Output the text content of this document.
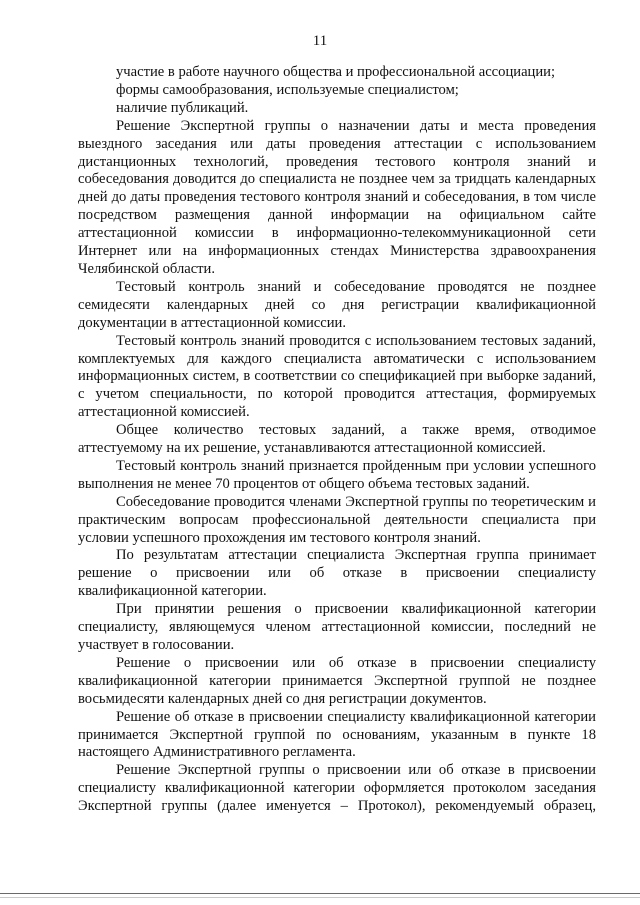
11

участие в работе научного общества и профессиональной ассоциации;

формы самообразования, используемые специалистом;

наличие публикаций.

Решение Экспертной группы о назначении даты и места проведения выездного заседания или даты проведения аттестации с использованием дистанционных технологий, проведения тестового контроля знаний и собеседования доводится до специалиста не позднее чем за тридцать календарных дней до даты проведения тестового контроля знаний и собеседования, в том числе посредством размещения данной информации на официальном сайте аттестационной комиссии в информационно-телекоммуникационной сети Интернет или на информационных стендах Министерства здравоохранения Челябинской области.

Тестовый контроль знаний и собеседование проводятся не позднее семидесяти календарных дней со дня регистрации квалификационной документации в аттестационной комиссии.

Тестовый контроль знаний проводится с использованием тестовых заданий, комплектуемых для каждого специалиста автоматически с использованием информационных систем, в соответствии со спецификацией при выборке заданий, с учетом специальности, по которой проводится аттестация, формируемых аттестационной комиссией.

Общее количество тестовых заданий, а также время, отводимое аттестуемому на их решение, устанавливаются аттестационной комиссией.

Тестовый контроль знаний признается пройденным при условии успешного выполнения не менее 70 процентов от общего объема тестовых заданий.

Собеседование проводится членами Экспертной группы по теоретическим и практическим вопросам профессиональной деятельности специалиста при условии успешного прохождения им тестового контроля знаний.

По результатам аттестации специалиста Экспертная группа принимает решение о присвоении или об отказе в присвоении специалисту квалификационной категории.

При принятии решения о присвоении квалификационной категории специалисту, являющемуся членом аттестационной комиссии, последний не участвует в голосовании.

Решение о присвоении или об отказе в присвоении специалисту квалификационной категории принимается Экспертной группой не позднее восьмидесяти календарных дней со дня регистрации документов.

Решение об отказе в присвоении специалисту квалификационной категории принимается Экспертной группой по основаниям, указанным в пункте 18 настоящего Административного регламента.

Решение Экспертной группы о присвоении или об отказе в присвоении специалисту квалификационной категории оформляется протоколом заседания Экспертной группы (далее именуется – Протокол), рекомендуемый образец,
